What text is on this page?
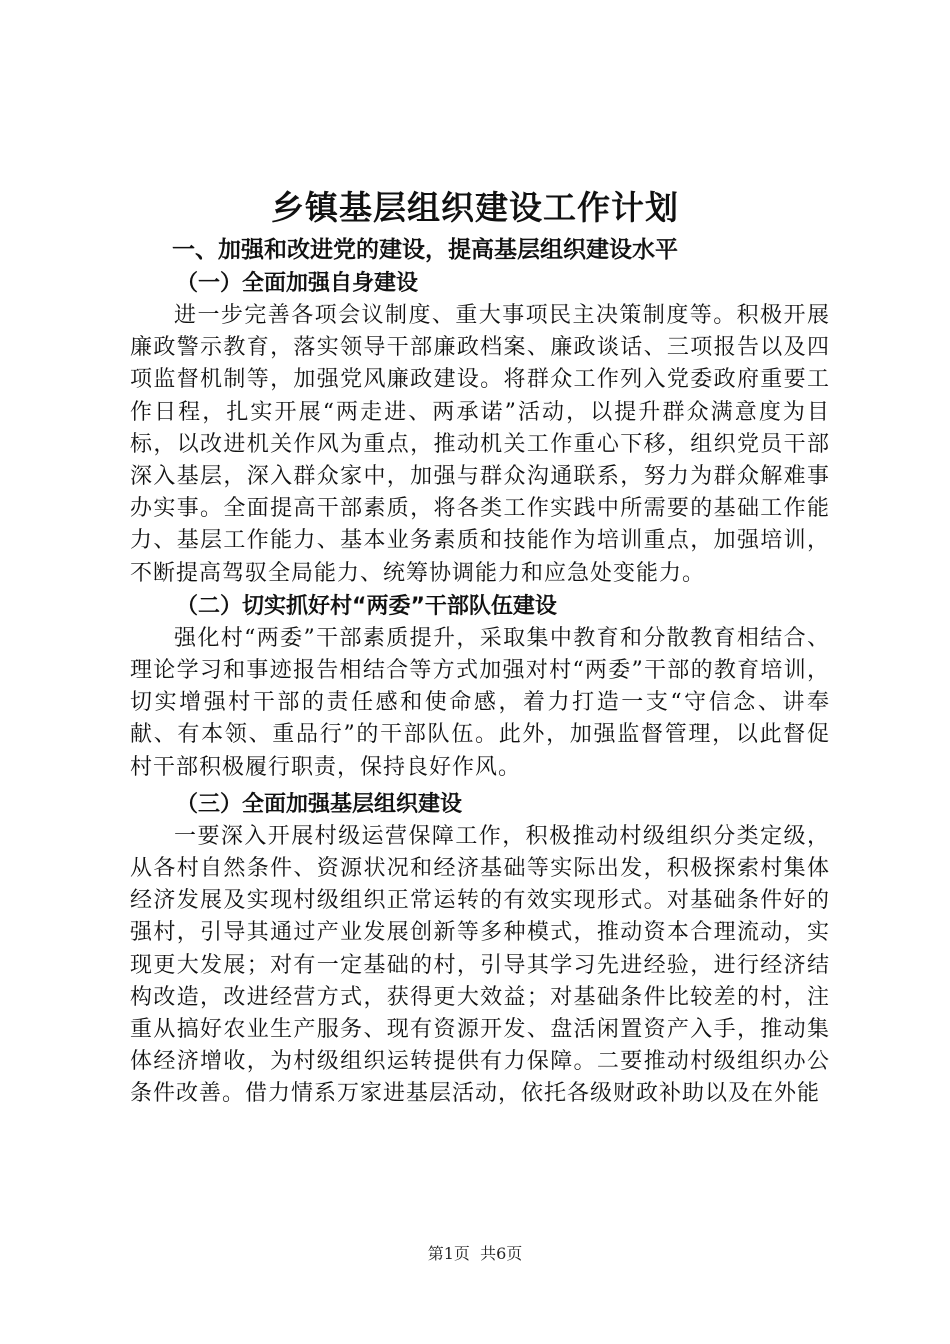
乡镇基层组织建设工作计划

一、加强和改进党的建设，提高基层组织建设水平

（一）全面加强自身建设

进一步完善各项会议制度、重大事项民主决策制度等。积极开展廉政警示教育，落实领导干部廉政档案、廉政谈话、三项报告以及四项监督机制等，加强党风廉政建设。将群众工作列入党委政府重要工作日程，扎实开展“两走进、两承诺”活动，以提升群众满意度为目标，以改进机关作风为重点，推动机关工作重心下移，组织党员干部深入基层，深入群众家中，加强与群众沟通联系，努力为群众解难事办实事。全面提高干部素质，将各类工作实践中所需要的基础工作能力、基层工作能力、基本业务素质和技能作为培训重点，加强培训，不断提高驾驭全局能力、统筹协调能力和应急处变能力。

（二）切实抓好村“两委”干部队伍建设

强化村“两委”干部素质提升，采取集中教育和分散教育相结合、理论学习和事迹报告相结合等方式加强对村“两委”干部的教育培训，切实增强村干部的责任感和使命感，着力打造一支“守信念、讲奉献、有本领、重品行”的干部队伍。此外，加强监督管理，以此督促村干部积极履行职责，保持良好作风。

（三）全面加强基层组织建设

一要深入开展村级运营保障工作，积极推动村级组织分类定级，从各村自然条件、资源状况和经济基础等实际出发，积极探索村集体经济发展及实现村级组织正常运转的有效实现形式。对基础条件好的强村，引导其通过产业发展创新等多种模式，推动资本合理流动，实现更大发展；对有一定基础的村，引导其学习先进经验，进行经济结构改造，改进经营方式，获得更大效益；对基础条件比较差的村，注重从搞好农业生产服务、现有资源开发、盘活闲置资产入手，推动集体经济增收，为村级组织运转提供有力保障。二要推动村级组织办公条件改善。借力情系万家进基层活动，依托各级财政补助以及在外能

第1页  共6页
